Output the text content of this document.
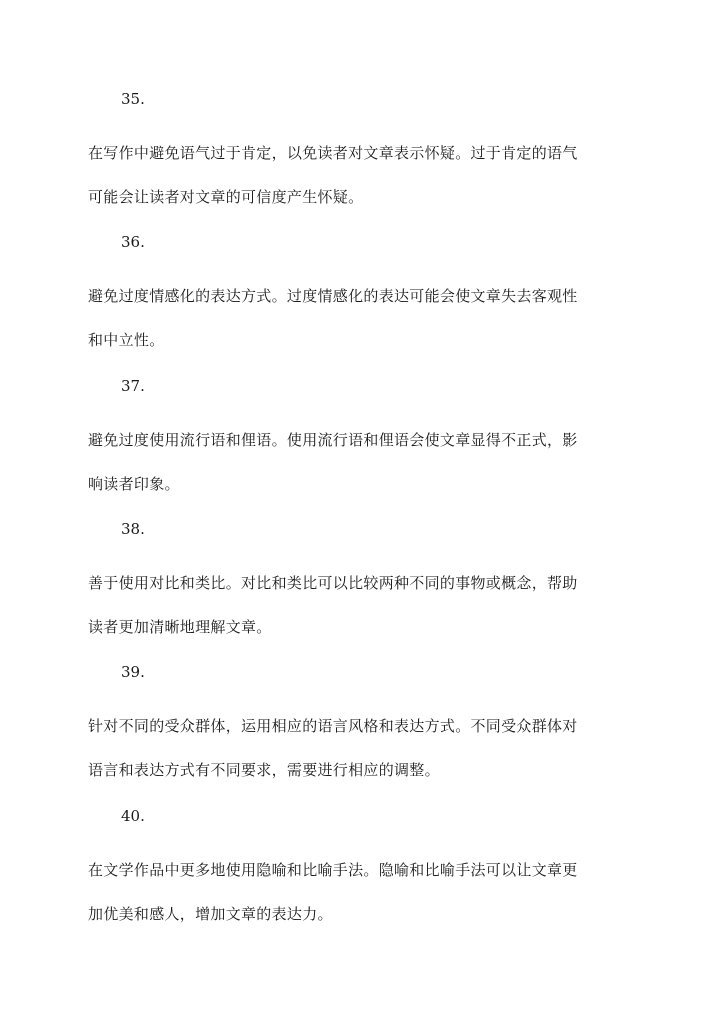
35.
在写作中避免语气过于肯定，以免读者对文章表示怀疑。过于肯定的语气
可能会让读者对文章的可信度产生怀疑。
36.
避免过度情感化的表达方式。过度情感化的表达可能会使文章失去客观性
和中立性。
37.
避免过度使用流行语和俚语。使用流行语和俚语会使文章显得不正式，影
响读者印象。
38.
善于使用对比和类比。对比和类比可以比较两种不同的事物或概念，帮助
读者更加清晰地理解文章。
39.
针对不同的受众群体，运用相应的语言风格和表达方式。不同受众群体对
语言和表达方式有不同要求，需要进行相应的调整。
40.
在文学作品中更多地使用隐喻和比喻手法。隐喻和比喻手法可以让文章更
加优美和感人，增加文章的表达力。
